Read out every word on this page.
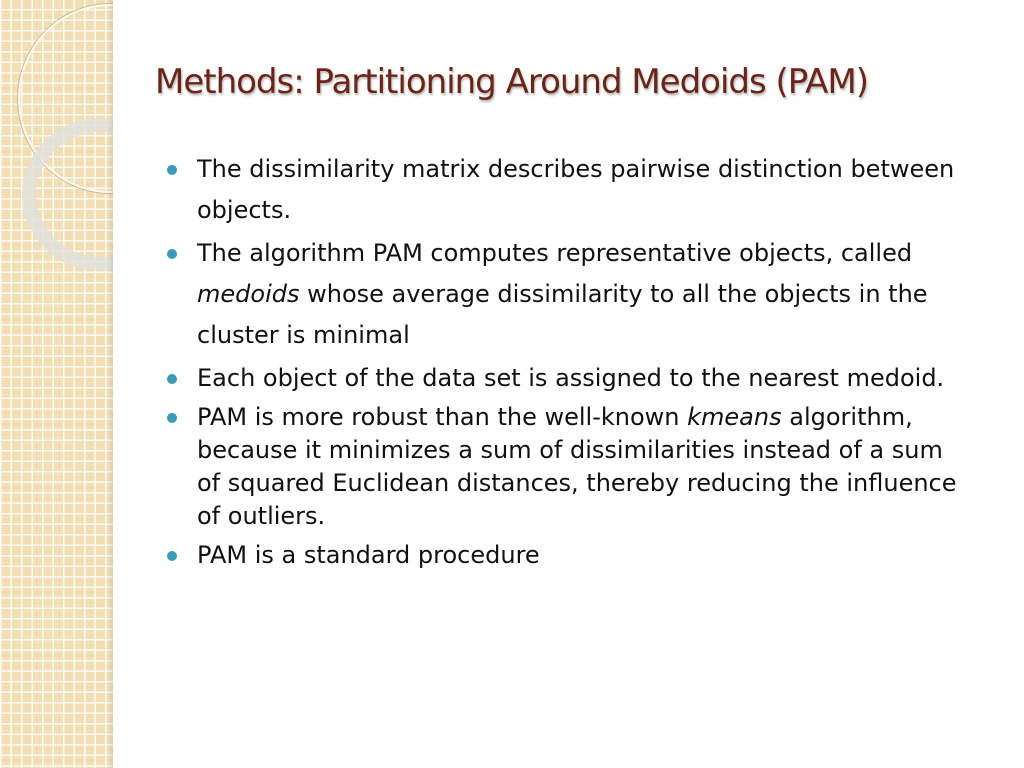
Methods: Partitioning Around Medoids (PAM)
The dissimilarity matrix describes pairwise distinction between objects.
The algorithm PAM computes representative objects, called medoids whose average dissimilarity to all the objects in the cluster is minimal
Each object of the data set is assigned to the nearest medoid.
PAM is more robust than the well-known kmeans algorithm, because it minimizes a sum of dissimilarities instead of a sum of squared Euclidean distances, thereby reducing the influence of outliers.
PAM is a standard procedure
